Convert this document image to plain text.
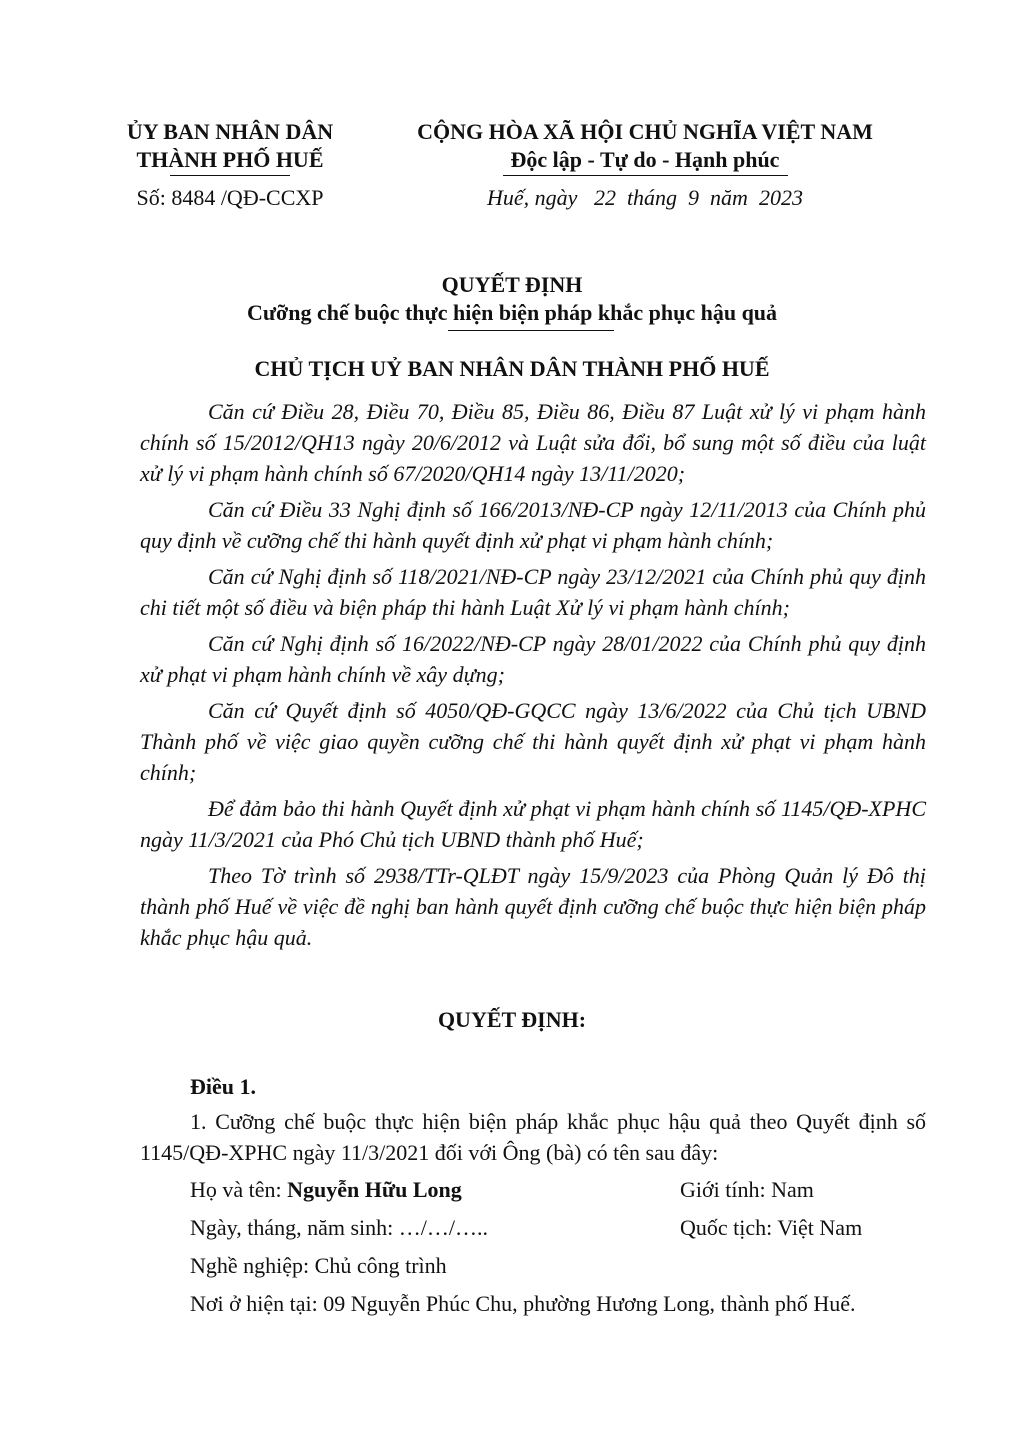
ỦY BAN NHÂN DÂN
THÀNH PHỐ HUẾ
CỘNG HÒA XÃ HỘI CHỦ NGHĨA VIỆT NAM
Độc lập - Tự do - Hạnh phúc
Số: 8484 /QĐ-CCXP	Huế, ngày   22  tháng  9  năm  2023
QUYẾT ĐỊNH
Cưỡng chế buộc thực hiện biện pháp khắc phục hậu quả
CHỦ TỊCH UỶ BAN NHÂN DÂN THÀNH PHỐ HUẾ

Căn cứ Điều 28, Điều 70, Điều 85, Điều 86, Điều 87 Luật xử lý vi phạm hành chính số 15/2012/QH13 ngày 20/6/2012 và Luật sửa đổi, bổ sung một số điều của luật xử lý vi phạm hành chính số 67/2020/QH14 ngày 13/11/2020;

Căn cứ Điều 33 Nghị định số 166/2013/NĐ-CP ngày 12/11/2013 của Chính phủ quy định về cưỡng chế thi hành quyết định xử phạt vi phạm hành chính;

Căn cứ Nghị định số 118/2021/NĐ-CP ngày 23/12/2021 của Chính phủ quy định chi tiết một số điều và biện pháp thi hành Luật Xử lý vi phạm hành chính;

Căn cứ Nghị định số 16/2022/NĐ-CP ngày 28/01/2022 của Chính phủ quy định xử phạt vi phạm hành chính về xây dựng;

Căn cứ Quyết định số 4050/QĐ-GQCC ngày 13/6/2022 của Chủ tịch UBND Thành phố về việc giao quyền cưỡng chế thi hành quyết định xử phạt vi phạm hành chính;

Để đảm bảo thi hành Quyết định xử phạt vi phạm hành chính số 1145/QĐ-XPHC ngày 11/3/2021 của Phó Chủ tịch UBND thành phố Huế;

Theo Tờ trình số 2938/TTr-QLĐT ngày 15/9/2023 của Phòng Quản lý Đô thị thành phố Huế về việc đề nghị ban hành quyết định cưỡng chế buộc thực hiện biện pháp khắc phục hậu quả.

QUYẾT ĐỊNH:
Điều 1.

1. Cưỡng chế buộc thực hiện biện pháp khắc phục hậu quả theo Quyết định số 1145/QĐ-XPHC ngày 11/3/2021 đối với Ông (bà) có tên sau đây:

Họ và tên: Nguyễn Hữu Long	Giới tính: Nam
Ngày, tháng, năm sinh: …/…/…..	Quốc tịch: Việt Nam
Nghề nghiệp: Chủ công trình
Nơi ở hiện tại: 09 Nguyễn Phúc Chu, phường Hương Long, thành phố Huế.
